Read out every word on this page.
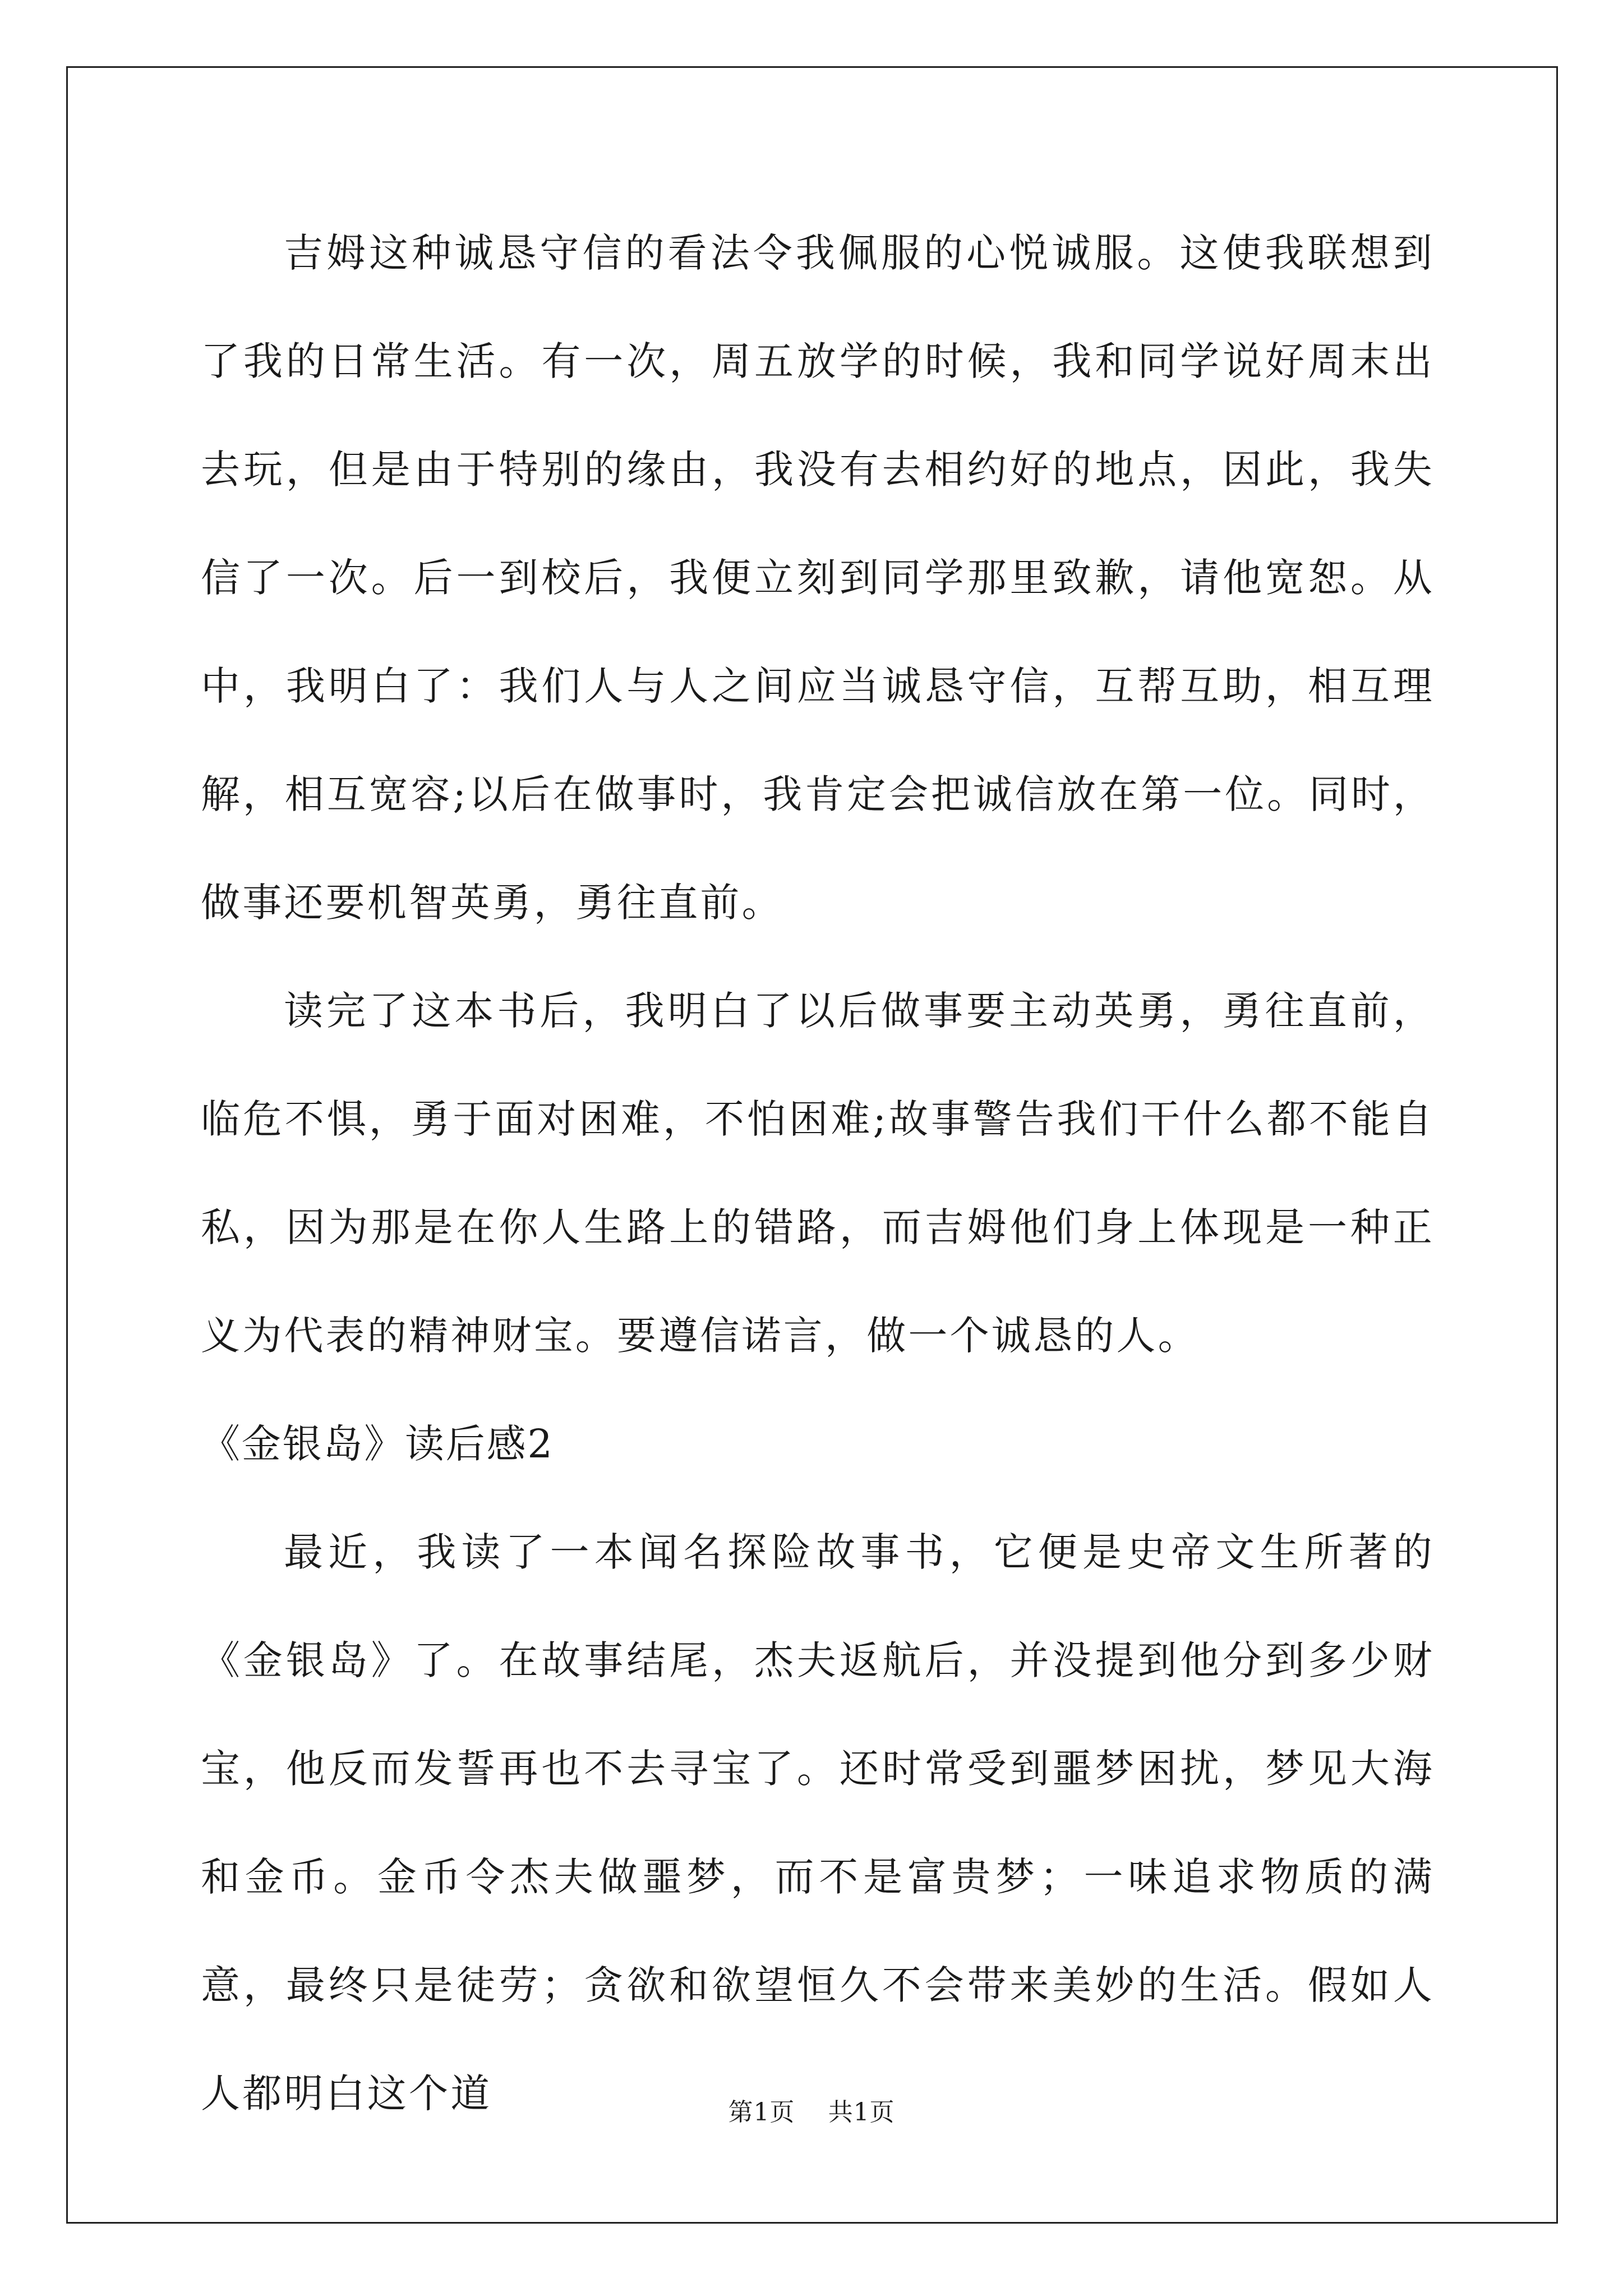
吉姆这种诚恳守信的看法令我佩服的心悦诚服。这使我联想到了我的日常生活。有一次，周五放学的时候，我和同学说好周末出去玩，但是由于特别的缘由，我没有去相约好的地点，因此，我失信了一次。后一到校后，我便立刻到同学那里致歉，请他宽恕。从中，我明白了：我们人与人之间应当诚恳守信，互帮互助，相互理解，相互宽容;以后在做事时，我肯定会把诚信放在第一位。同时，做事还要机智英勇，勇往直前。

读完了这本书后，我明白了以后做事要主动英勇，勇往直前，临危不惧，勇于面对困难，不怕困难;故事警告我们干什么都不能自私，因为那是在你人生路上的错路，而吉姆他们身上体现是一种正义为代表的精神财宝。要遵信诺言，做一个诚恳的人。

《金银岛》读后感2

最近，我读了一本闻名探险故事书，它便是史帝文生所著的《金银岛》了。在故事结尾，杰夫返航后，并没提到他分到多少财宝，他反而发誓再也不去寻宝了。还时常受到噩梦困扰，梦见大海和金币。金币令杰夫做噩梦，而不是富贵梦；一味追求物质的满意，最终只是徒劳；贪欲和欲望恒久不会带来美妙的生活。假如人人都明白这个道	第1页 共1页
